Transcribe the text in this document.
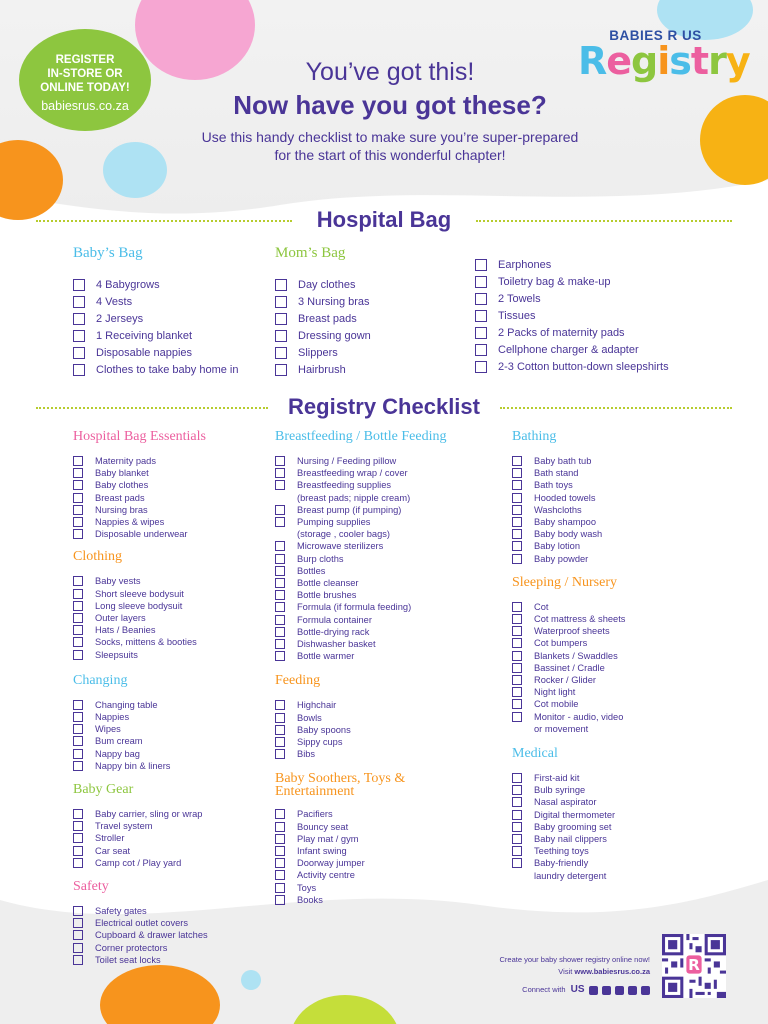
REGISTER
IN-STORE OR
ONLINE TODAY!
babiesrus.co.za
BABIES R US
Registry
You’ve got this!
Now have you got these?
Use this handy checklist to make sure you’re super-prepared
for the start of this wonderful chapter!
Hospital Bag
Baby’s Bag
4 Babygrows
4 Vests
2 Jerseys
1 Receiving blanket
Disposable nappies
Clothes to take baby home in
Mom’s Bag
Day clothes
3 Nursing bras
Breast pads
Dressing gown
Slippers
Hairbrush
Earphones
Toiletry bag & make-up
2 Towels
Tissues
2 Packs of maternity pads
Cellphone charger & adapter
2-3 Cotton button-down sleepshirts
Registry Checklist
Hospital Bag Essentials
Maternity pads
Baby blanket
Baby clothes
Breast pads
Nursing bras
Nappies & wipes
Disposable underwear
Clothing
Baby vests
Short sleeve bodysuit
Long sleeve bodysuit
Outer layers
Hats / Beanies
Socks, mittens & booties
Sleepsuits
Changing
Changing table
Nappies
Wipes
Bum cream
Nappy bag
Nappy bin & liners
Baby Gear
Baby carrier, sling or wrap
Travel system
Stroller
Car seat
Camp cot / Play yard
Safety
Safety gates
Electrical outlet covers
Cupboard & drawer latches
Corner protectors
Toilet seat locks
Breastfeeding / Bottle Feeding
Nursing / Feeding pillow
Breastfeeding wrap / cover
Breastfeeding supplies
(breast pads; nipple cream)
Breast pump (if pumping)
Pumping supplies
(storage , cooler bags)
Microwave sterilizers
Burp cloths
Bottles
Bottle cleanser
Bottle brushes
Formula (if formula feeding)
Formula container
Bottle-drying rack
Dishwasher basket
Bottle warmer
Feeding
Highchair
Bowls
Baby spoons
Sippy cups
Bibs
Baby Soothers, Toys &
Entertainment
Pacifiers
Bouncy seat
Play mat / gym
Infant swing
Doorway jumper
Activity centre
Toys
Books
Bathing
Baby bath tub
Bath stand
Bath toys
Hooded towels
Washcloths
Baby shampoo
Baby body wash
Baby lotion
Baby powder
Sleeping / Nursery
Cot
Cot mattress & sheets
Waterproof sheets
Cot bumpers
Blankets / Swaddles
Bassinet / Cradle
Rocker / Glider
Night light
Cot mobile
Monitor - audio, video
or movement
Medical
First-aid kit
Bulb syringe
Nasal aspirator
Digital thermometer
Baby grooming set
Baby nail clippers
Teething toys
Baby-friendly
laundry detergent
Create your baby shower registry online now!
Visit www.babiesrus.co.za
Connect with US
R
